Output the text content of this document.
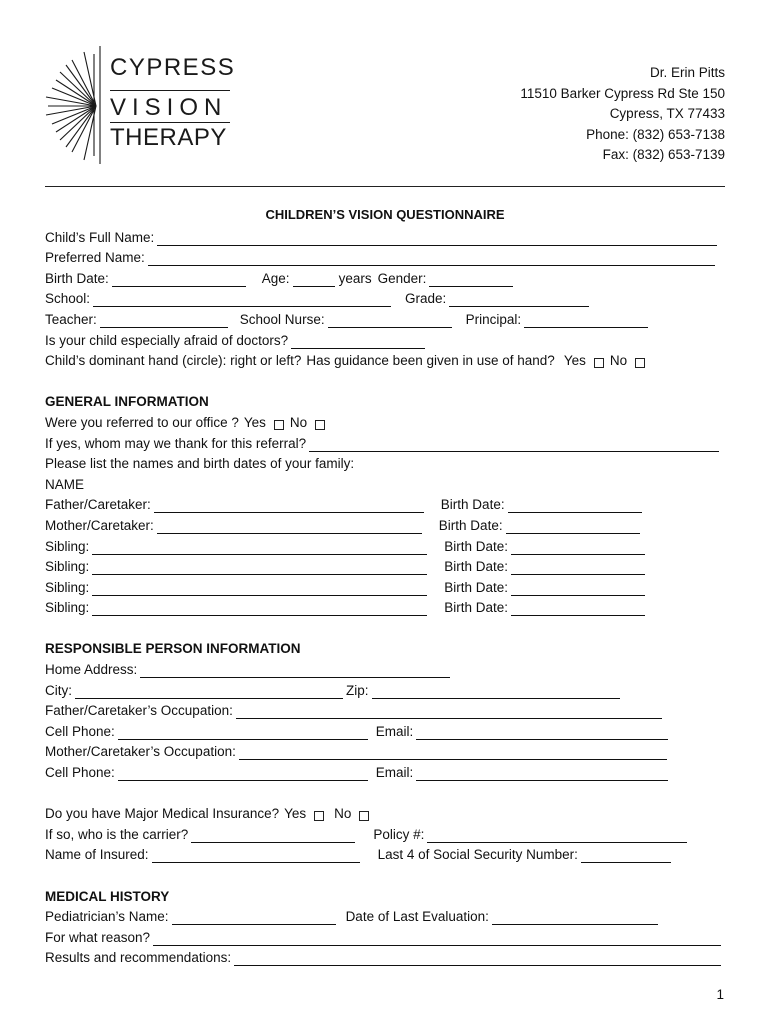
CYPRESS
VISION
THERAPY
Dr. Erin Pitts
11510 Barker Cypress Rd Ste 150
Cypress, TX 77433
Phone: (832) 653-7138
Fax: (832) 653-7139
CHILDREN’S VISION QUESTIONNAIRE
Child’s Full Name:
Preferred Name:
Birth Date:	Age:	years Gender:
School:	Grade:
Teacher:	School Nurse:	Principal:
Is your child especially afraid of doctors?
Child’s dominant hand (circle): right or left? Has guidance been given in use of hand? Yes No
GENERAL INFORMATION
Were you referred to our office ? Yes No
If yes, whom may we thank for this referral?
Please list the names and birth dates of your family:
NAME
Father/Caretaker:	Birth Date:
Mother/Caretaker:	Birth Date:
Sibling:	Birth Date:
Sibling:	Birth Date:
Sibling:	Birth Date:
Sibling:	Birth Date:
RESPONSIBLE PERSON INFORMATION
Home Address:
City:	Zip:
Father/Caretaker’s Occupation:
Cell Phone:	Email:
Mother/Caretaker’s Occupation:
Cell Phone:	Email:
Do you have Major Medical Insurance? Yes No
If so, who is the carrier?	Policy #:
Name of Insured:	Last 4 of Social Security Number:
MEDICAL HISTORY
Pediatrician’s Name:	Date of Last Evaluation:
For what reason?
Results and recommendations:
1
